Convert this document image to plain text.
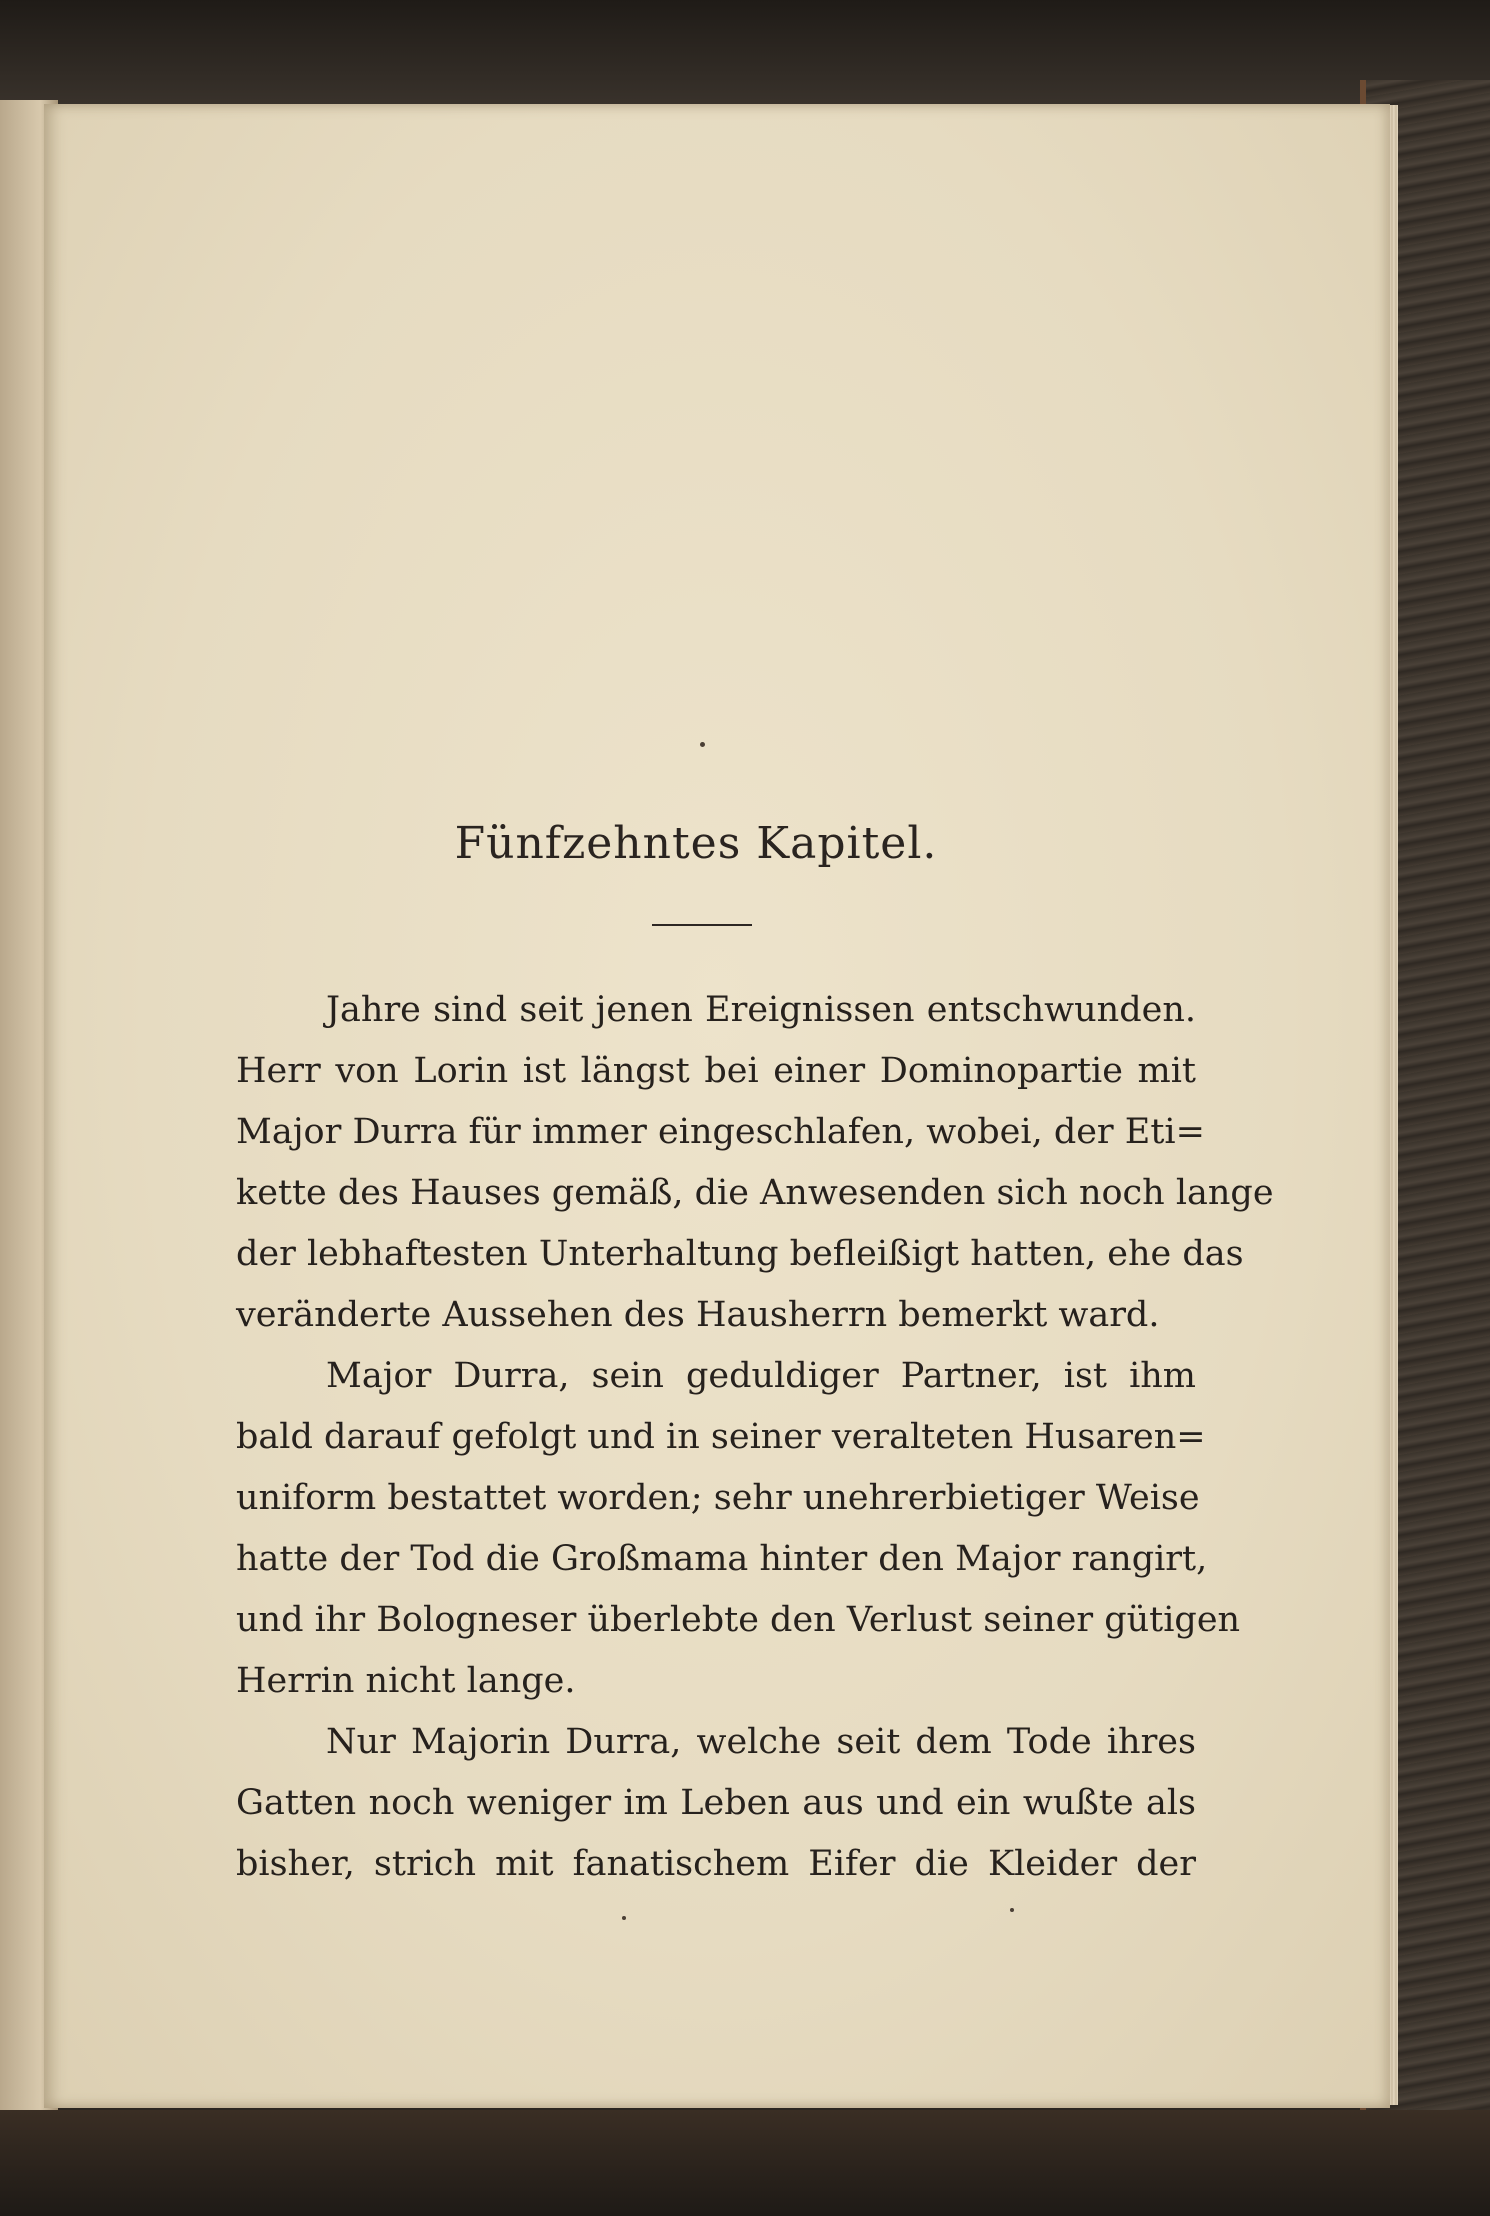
Fünfzehntes Kapitel.
Jahre sind seit jenen Ereignissen entschwunden.
Herr von Lorin ist längst bei einer Dominopartie mit
Major Durra für immer eingeschlafen, wobei, der Eti=
kette des Hauses gemäß, die Anwesenden sich noch lange
der lebhaftesten Unterhaltung befleißigt hatten, ehe das
veränderte Aussehen des Hausherrn bemerkt ward.
Major Durra, sein geduldiger Partner, ist ihm
bald darauf gefolgt und in seiner veralteten Husaren=
uniform bestattet worden; sehr unehrerbietiger Weise
hatte der Tod die Großmama hinter den Major rangirt,
und ihr Bologneser überlebte den Verlust seiner gütigen
Herrin nicht lange.
Nur Majorin Durra, welche seit dem Tode ihres
Gatten noch weniger im Leben aus und ein wußte als
bisher, strich mit fanatischem Eifer die Kleider der
